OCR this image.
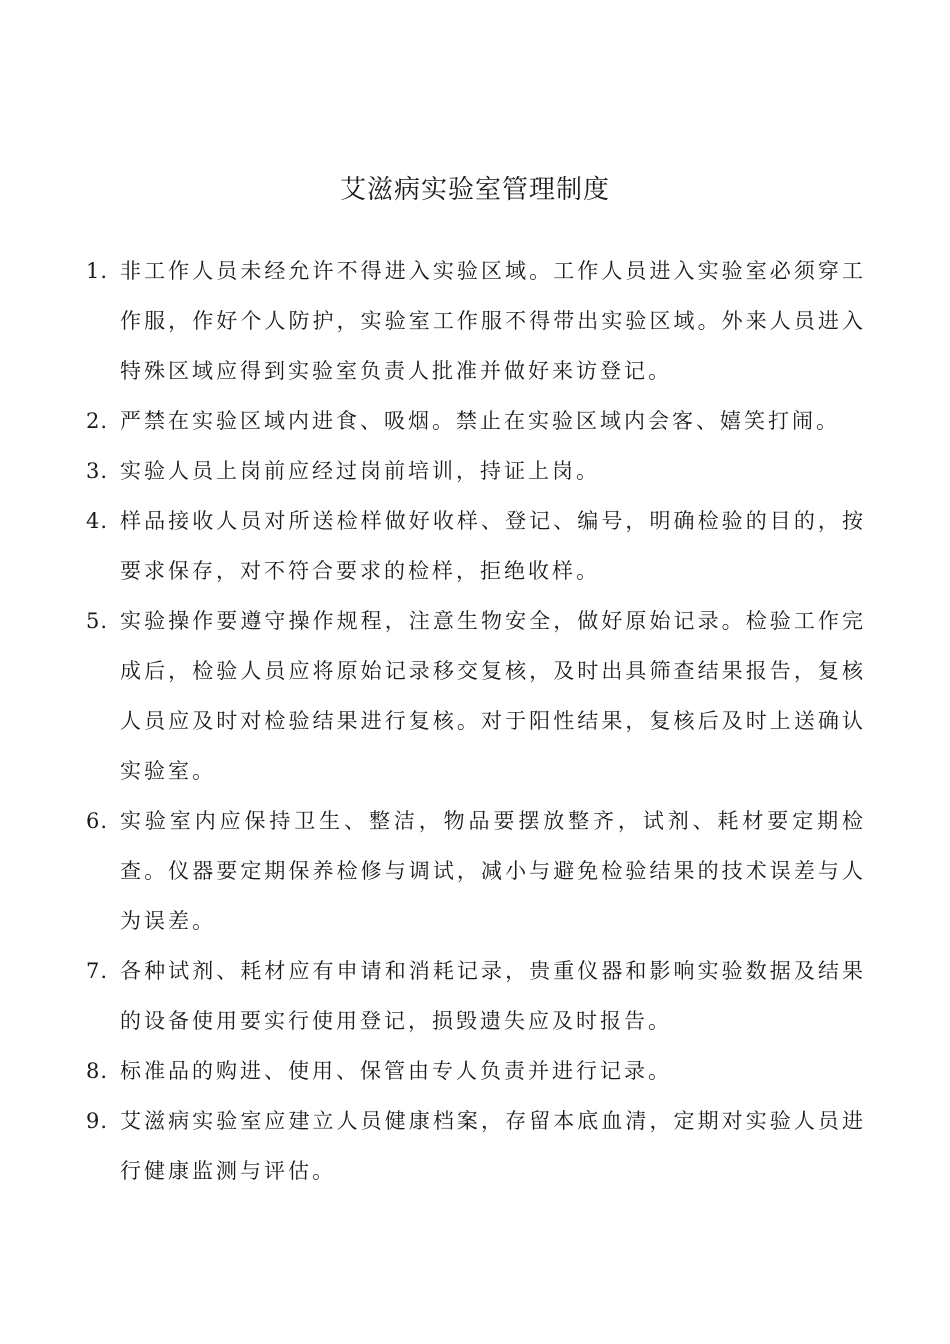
艾滋病实验室管理制度
1. 非工作人员未经允许不得进入实验区域。工作人员进入实验室必须穿工作服，作好个人防护，实验室工作服不得带出实验区域。外来人员进入特殊区域应得到实验室负责人批准并做好来访登记。
2. 严禁在实验区域内进食、吸烟。禁止在实验区域内会客、嬉笑打闹。
3. 实验人员上岗前应经过岗前培训，持证上岗。
4. 样品接收人员对所送检样做好收样、登记、编号，明确检验的目的，按要求保存，对不符合要求的检样，拒绝收样。
5. 实验操作要遵守操作规程，注意生物安全，做好原始记录。检验工作完成后，检验人员应将原始记录移交复核，及时出具筛查结果报告，复核人员应及时对检验结果进行复核。对于阳性结果，复核后及时上送确认实验室。
6. 实验室内应保持卫生、整洁，物品要摆放整齐，试剂、耗材要定期检查。仪器要定期保养检修与调试，减小与避免检验结果的技术误差与人为误差。
7. 各种试剂、耗材应有申请和消耗记录，贵重仪器和影响实验数据及结果的设备使用要实行使用登记，损毁遗失应及时报告。
8. 标准品的购进、使用、保管由专人负责并进行记录。
9. 艾滋病实验室应建立人员健康档案，存留本底血清，定期对实验人员进行健康监测与评估。
